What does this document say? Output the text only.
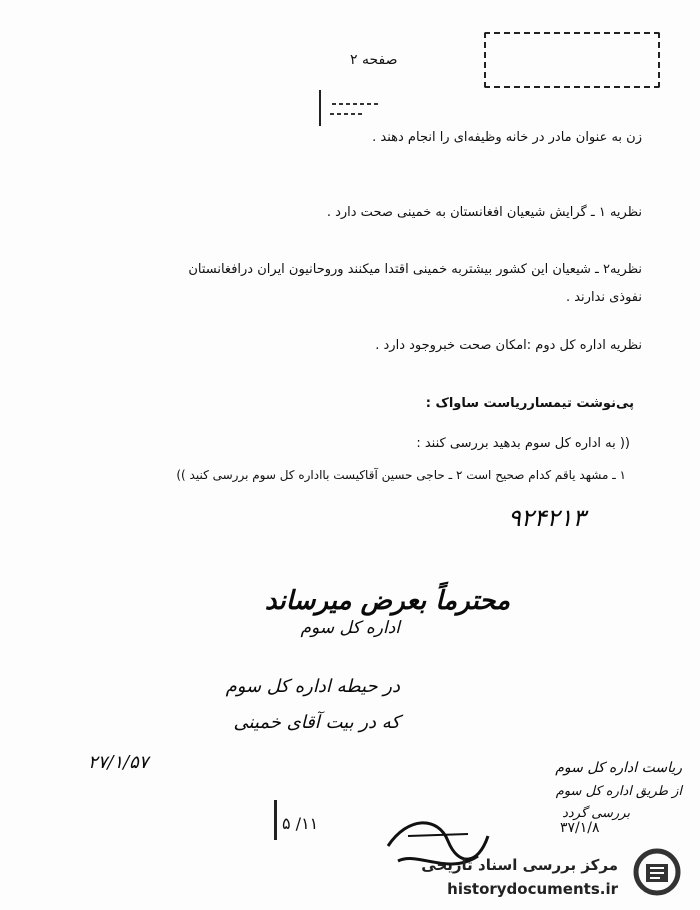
صفحه ۲
زن به عنوان مادر در خانه وظیفه‌ای را انجام دهند .
نظریه ۱ ـ گرایش شیعیان افغانستان به خمینی صحت دارد .
نظریه۲ ـ شیعیان این کشور بیشتربه خمینی اقتدا میکنند وروحانیون ایران درافغانستان
نفوذی ندارند .
نظریه اداره کل دوم :امکان صحت خبروجود دارد .
پی‌نوشت تیمسارریاست ساواک :
(( به اداره کل سوم بدهید بررسی کنند :
۱ ـ مشهد یاقم کدام صحیح است ۲ ـ حاجی حسین آقاکیست بااداره کل سوم بررسی کنید ))
۹۲۴۲۱۳
محترماً بعرض میرساند
اداره کل سوم
در حیطه اداره کل سوم
که در بیت آقای خمینی
۲۷/۱/۵۷	ریاست اداره کل سوم
از طریق اداره کل سوم
بررسی گردد
۵ /۱۱	۳۷/۱/۸
مرکز بررسی اسناد تاریخی
historydocuments.ir
